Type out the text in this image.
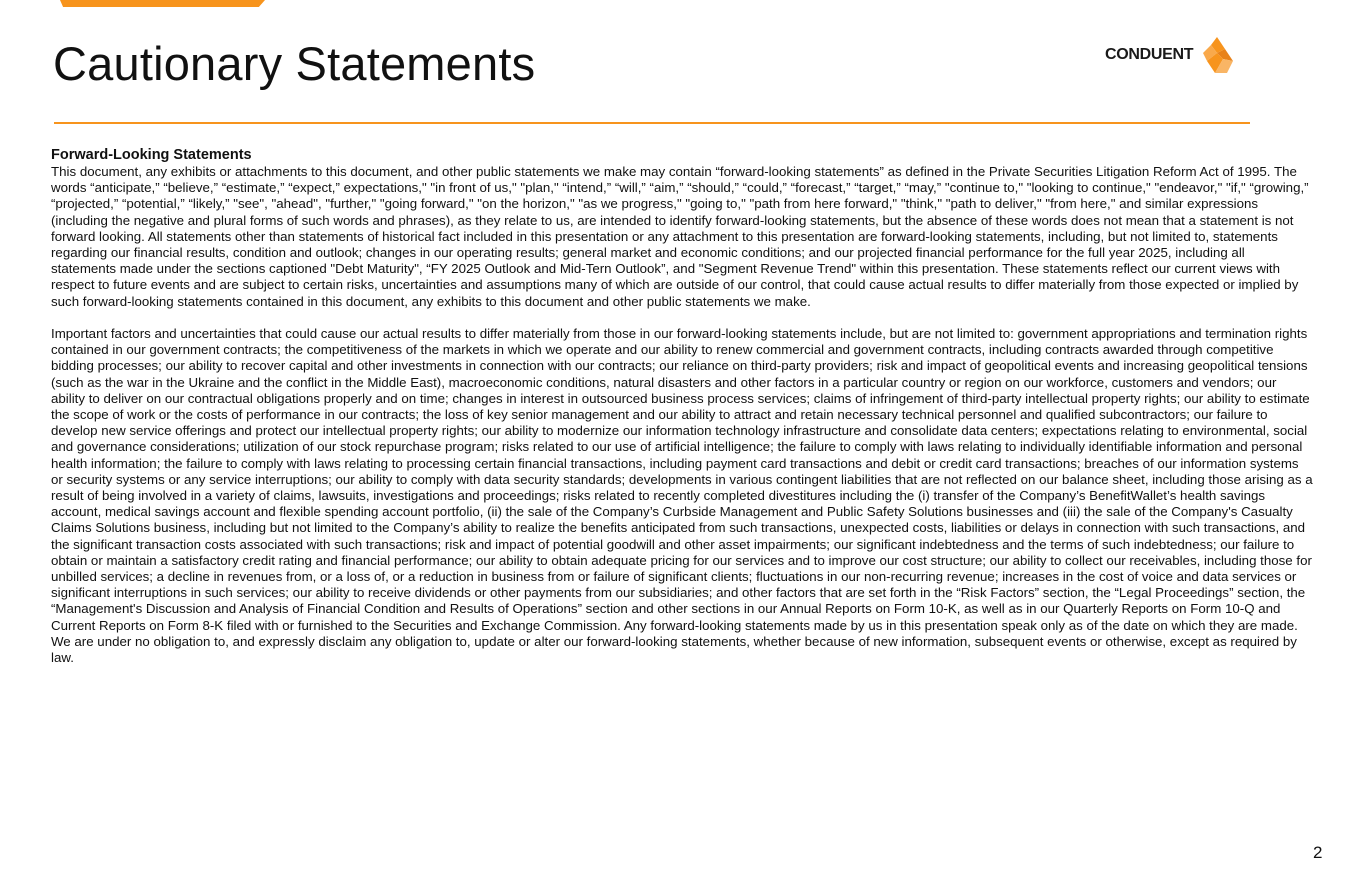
Cautionary Statements	CONDUENT
Forward-Looking Statements

This document, any exhibits or attachments to this document, and other public statements we make may contain “forward-looking statements” as defined in the Private Securities Litigation Reform Act of 1995. The words “anticipate,” “believe,” “estimate,” “expect,” expectations," "in front of us," "plan," “intend,” “will,” “aim,” “should,” “could,” “forecast,” “target,” “may,” "continue to," "looking to continue," "endeavor," "if," “growing,” “projected,” “potential,” “likely,” "see", "ahead", "further," "going forward," "on the horizon," "as we progress," "going to," "path from here forward," "think," "path to deliver," "from here," and similar expressions (including the negative and plural forms of such words and phrases), as they relate to us, are intended to identify forward-looking statements, but the absence of these words does not mean that a statement is not forward looking. All statements other than statements of historical fact included in this presentation or any attachment to this presentation are forward-looking statements, including, but not limited to, statements regarding our financial results, condition and outlook; changes in our operating results; general market and economic conditions; and our projected financial performance for the full year 2025, including all statements made under the sections captioned "Debt Maturity", “FY 2025 Outlook and Mid-Tern Outlook”, and "Segment Revenue Trend" within this presentation. These statements reflect our current views with respect to future events and are subject to certain risks, uncertainties and assumptions many of which are outside of our control, that could cause actual results to differ materially from those expected or implied by such forward-looking statements contained in this document, any exhibits to this document and other public statements we make.

Important factors and uncertainties that could cause our actual results to differ materially from those in our forward-looking statements include, but are not limited to: government appropriations and termination rights contained in our government contracts; the competitiveness of the markets in which we operate and our ability to renew commercial and government contracts, including contracts awarded through competitive bidding processes; our ability to recover capital and other investments in connection with our contracts; our reliance on third-party providers; risk and impact of geopolitical events and increasing geopolitical tensions (such as the war in the Ukraine and the conflict in the Middle East), macroeconomic conditions, natural disasters and other factors in a particular country or region on our workforce, customers and vendors; our ability to deliver on our contractual obligations properly and on time; changes in interest in outsourced business process services; claims of infringement of third-party intellectual property rights; our ability to estimate the scope of work or the costs of performance in our contracts; the loss of key senior management and our ability to attract and retain necessary technical personnel and qualified subcontractors; our failure to develop new service offerings and protect our intellectual property rights; our ability to modernize our information technology infrastructure and consolidate data centers; expectations relating to environmental, social and governance considerations; utilization of our stock repurchase program; risks related to our use of artificial intelligence; the failure to comply with laws relating to individually identifiable information and personal health information; the failure to comply with laws relating to processing certain financial transactions, including payment card transactions and debit or credit card transactions; breaches of our information systems or security systems or any service interruptions; our ability to comply with data security standards; developments in various contingent liabilities that are not reflected on our balance sheet, including those arising as a result of being involved in a variety of claims, lawsuits, investigations and proceedings; risks related to recently completed divestitures including the (i) transfer of the Company’s BenefitWallet’s health savings account, medical savings account and flexible spending account portfolio, (ii) the sale of the Company’s Curbside Management and Public Safety Solutions businesses and (iii) the sale of the Company's Casualty Claims Solutions business, including but not limited to the Company’s ability to realize the benefits anticipated from such transactions, unexpected costs, liabilities or delays in connection with such transactions, and the significant transaction costs associated with such transactions; risk and impact of potential goodwill and other asset impairments; our significant indebtedness and the terms of such indebtedness; our failure to obtain or maintain a satisfactory credit rating and financial performance; our ability to obtain adequate pricing for our services and to improve our cost structure; our ability to collect our receivables, including those for unbilled services; a decline in revenues from, or a loss of, or a reduction in business from or failure of significant clients; fluctuations in our non-recurring revenue; increases in the cost of voice and data services or significant interruptions in such services; our ability to receive dividends or other payments from our subsidiaries; and other factors that are set forth in the “Risk Factors” section, the “Legal Proceedings” section, the “Management's Discussion and Analysis of Financial Condition and Results of Operations” section and other sections in our Annual Reports on Form 10-K, as well as in our Quarterly Reports on Form 10-Q and Current Reports on Form 8-K filed with or furnished to the Securities and Exchange Commission. Any forward-looking statements made by us in this presentation speak only as of the date on which they are made. We are under no obligation to, and expressly disclaim any obligation to, update or alter our forward-looking statements, whether because of new information, subsequent events or otherwise, except as required by law.

2
